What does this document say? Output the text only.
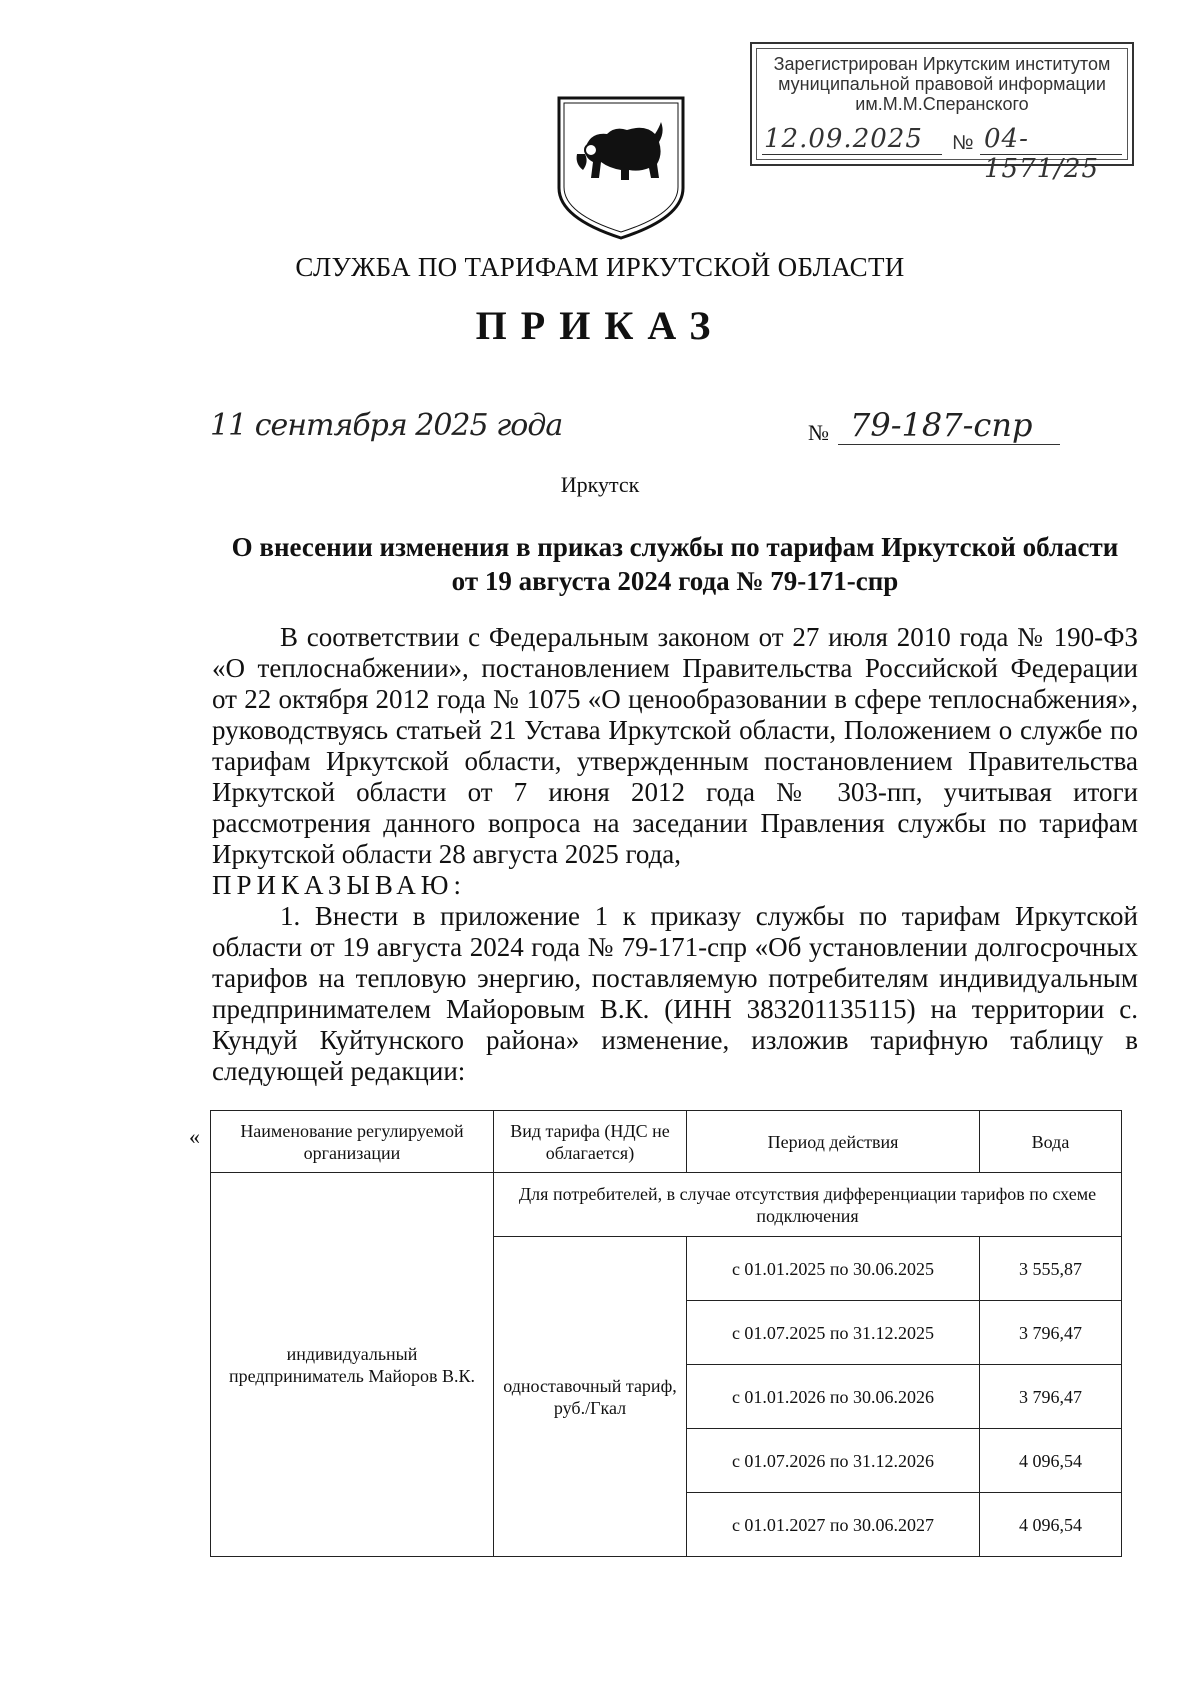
Зарегистрирован Иркутским институтом
муниципальной правовой информации
им.М.М.Сперанского
12.09.2025 № 04-1571/25
СЛУЖБА ПО ТАРИФАМ ИРКУТСКОЙ ОБЛАСТИ
ПРИКАЗ
11 сентября 2025 года	№ 79-187-спр
Иркутск
О внесении изменения в приказ службы по тарифам Иркутской области
от 19 августа 2024 года № 79-171-спр

В соответствии с Федеральным законом от 27 июля 2010 года № 190-ФЗ «О теплоснабжении», постановлением Правительства Российской Федерации от 22 октября 2012 года № 1075 «О ценообразовании в сфере теплоснабжения», руководствуясь статьей 21 Устава Иркутской области, Положением о службе по тарифам Иркутской области, утвержденным постановлением Правительства Иркутской области от 7 июня 2012 года № 303-пп, учитывая итоги рассмотрения данного вопроса на заседании Правления службы по тарифам Иркутской области 28 августа 2025 года,

ПРИКАЗЫВАЮ:

1. Внести в приложение 1 к приказу службы по тарифам Иркутской области от 19 августа 2024 года № 79-171-спр «Об установлении долгосрочных тарифов на тепловую энергию, поставляемую потребителям индивидуальным предпринимателем Майоровым В.К. (ИНН 383201135115) на территории с. Кундуй Куйтунского района» изменение, изложив тарифную таблицу в следующей редакции:

« Наименование регулируемой организации	Вид тарифа (НДС не облагается)	Период действия	Вода
индивидуальный предприниматель Майоров В.К.	Для потребителей, в случае отсутствия дифференциации тарифов по схеме подключения		
	одноставочный тариф, руб./Гкал	с 01.01.2025 по 30.06.2025	3 555,87
		с 01.07.2025 по 31.12.2025	3 796,47
		с 01.01.2026 по 30.06.2026	3 796,47
		с 01.07.2026 по 31.12.2026	4 096,54
		с 01.01.2027 по 30.06.2027	4 096,54
